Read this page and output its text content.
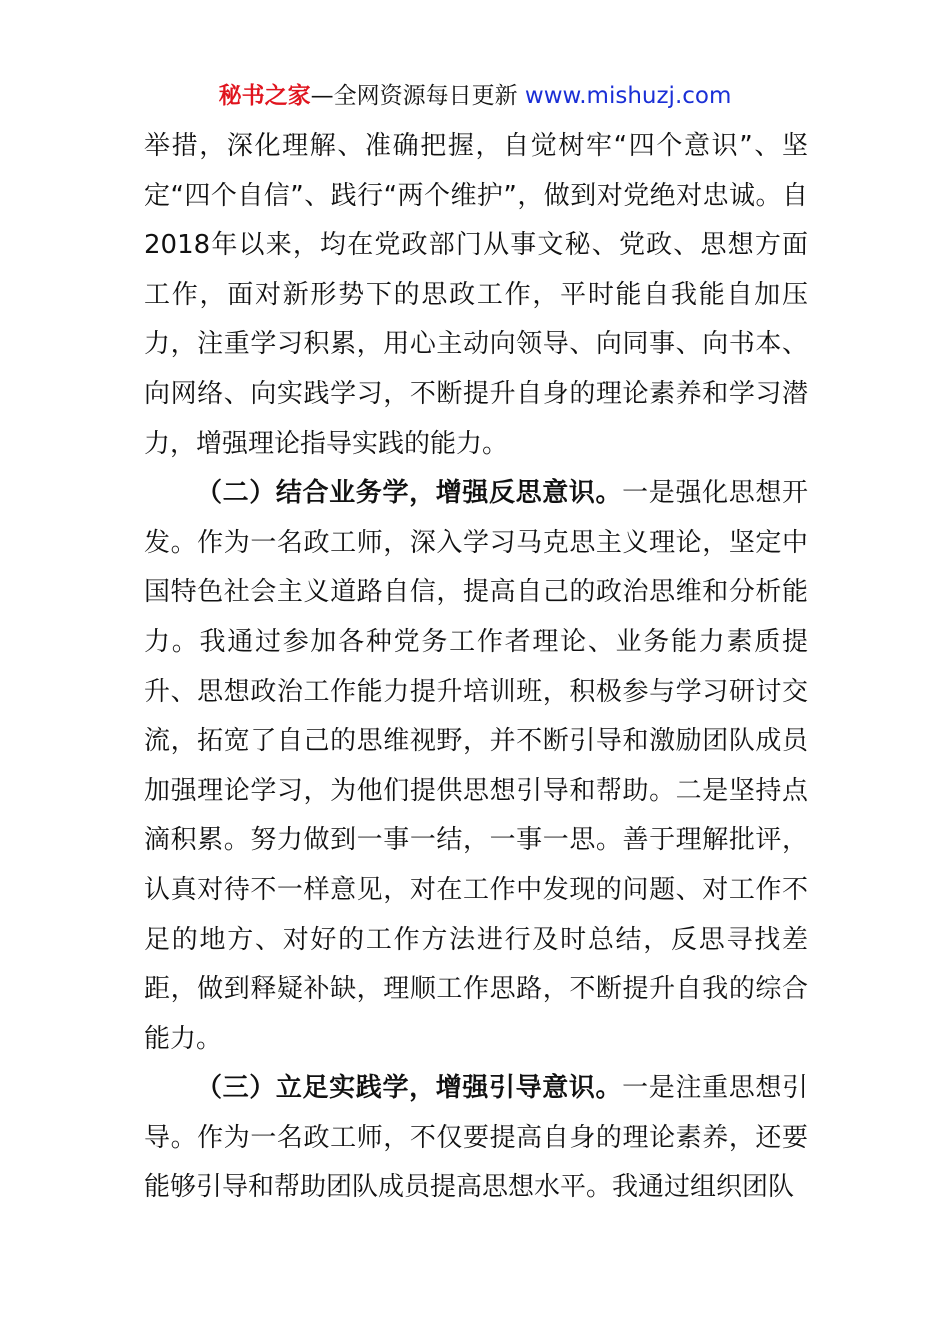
秘书之家—全网资源每日更新 www.mishuzj.com

举措，深化理解、准确把握，自觉树牢“四个意识”、坚定“四个自信”、践行“两个维护”，做到对党绝对忠诚。自2018年以来，均在党政部门从事文秘、党政、思想方面工作，面对新形势下的思政工作，平时能自我能自加压力，注重学习积累，用心主动向领导、向同事、向书本、向网络、向实践学习，不断提升自身的理论素养和学习潜力，增强理论指导实践的能力。

（二）结合业务学，增强反思意识。一是强化思想开发。作为一名政工师，深入学习马克思主义理论，坚定中国特色社会主义道路自信，提高自己的政治思维和分析能力。我通过参加各种党务工作者理论、业务能力素质提升、思想政治工作能力提升培训班，积极参与学习研讨交流，拓宽了自己的思维视野，并不断引导和激励团队成员加强理论学习，为他们提供思想引导和帮助。二是坚持点滴积累。努力做到一事一结，一事一思。善于理解批评，认真对待不一样意见，对在工作中发现的问题、对工作不足的地方、对好的工作方法进行及时总结，反思寻找差距，做到释疑补缺，理顺工作思路，不断提升自我的综合能力。

（三）立足实践学，增强引导意识。一是注重思想引导。作为一名政工师，不仅要提高自身的理论素养，还要能够引导和帮助团队成员提高思想水平。我通过组织团队
